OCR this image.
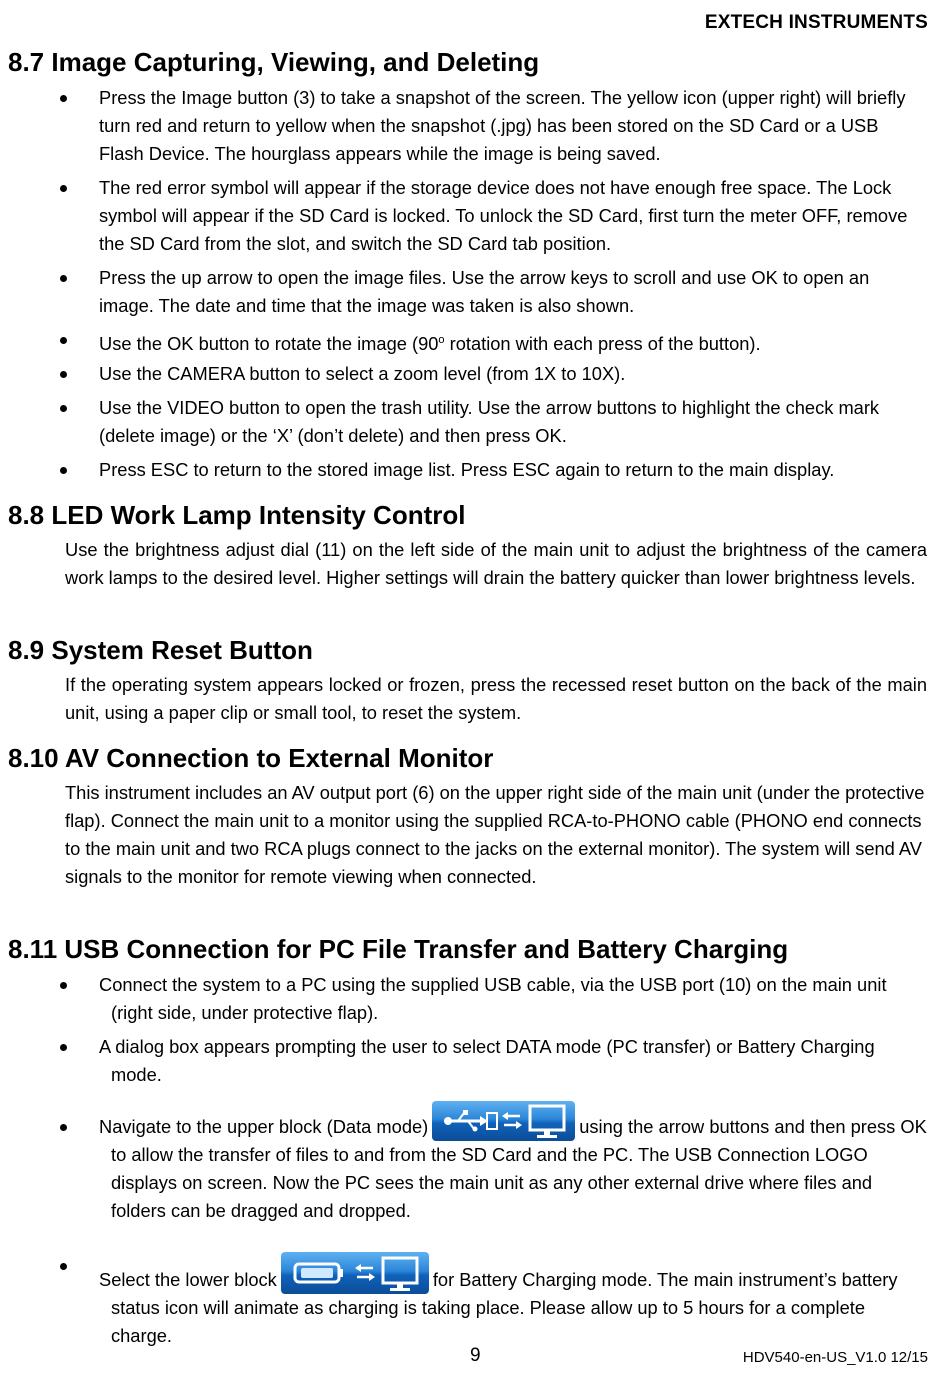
EXTECH INSTRUMENTS
8.7 Image Capturing, Viewing, and Deleting

Press the Image button (3) to take a snapshot of the screen. The yellow icon (upper right) will briefly turn red and return to yellow when the snapshot (.jpg) has been stored on the SD Card or a USB Flash Device. The hourglass appears while the image is being saved.

The red error symbol will appear if the storage device does not have enough free space. The Lock symbol will appear if the SD Card is locked. To unlock the SD Card, first turn the meter OFF, remove the SD Card from the slot, and switch the SD Card tab position.

Press the up arrow to open the image files. Use the arrow keys to scroll and use OK to open an image. The date and time that the image was taken is also shown.

Use the OK button to rotate the image (90$^o$ rotation with each press of the button).

Use the CAMERA button to select a zoom level (from 1X to 10X).

Use the VIDEO button to open the trash utility. Use the arrow buttons to highlight the check mark (delete image) or the ‘X’ (don’t delete) and then press OK.

Press ESC to return to the stored image list. Press ESC again to return to the main display.

8.8 LED Work Lamp Intensity Control

Use the brightness adjust dial (11) on the left side of the main unit to adjust the brightness of the camera work lamps to the desired level. Higher settings will drain the battery quicker than lower brightness levels.

8.9 System Reset Button

If the operating system appears locked or frozen, press the recessed reset button on the back of the main unit, using a paper clip or small tool, to reset the system.

8.10 AV Connection to External Monitor

This instrument includes an AV output port (6) on the upper right side of the main unit (under the protective flap). Connect the main unit to a monitor using the supplied RCA-to-PHONO cable (PHONO end connects to the main unit and two RCA plugs connect to the jacks on the external monitor). The system will send AV signals to the monitor for remote viewing when connected.

8.11 USB Connection for PC File Transfer and Battery Charging

Connect the system to a PC using the supplied USB cable, via the USB port (10) on the main unit (right side, under protective flap).

A dialog box appears prompting the user to select DATA mode (PC transfer) or Battery Charging mode.

Navigate to the upper block (Data mode)	using the arrow buttons and then press OK to allow the transfer of files to and from the SD Card and the PC. The USB Connection LOGO displays on screen. Now the PC sees the main unit as any other external drive where files and folders can be dragged and dropped.

Select the lower block	for Battery Charging mode. The main instrument’s battery status icon will animate as charging is taking place. Please allow up to 5 hours for a complete charge.

9	HDV540-en-US_V1.0 12/15
